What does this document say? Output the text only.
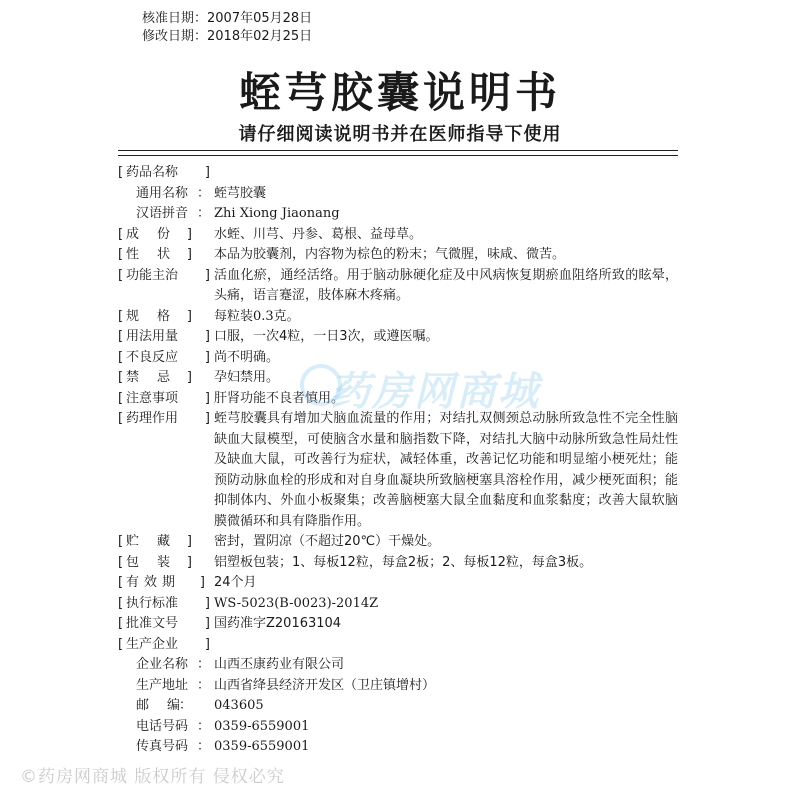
核准日期：2007年05月28日
修改日期：2018年02月25日
蛭芎胶囊说明书
请仔细阅读说明书并在医师指导下使用
[ 药品名称 ]
通用名称 ：	蛭芎胶囊
汉语拼音 ：	Zhi Xiong Jiaonang
[ 成份 ]	水蛭、川芎、丹参、葛根、益母草。
[ 性状 ]	本品为胶囊剂，内容物为棕色的粉末；气微腥，味咸、微苦。
[ 功能主治 ]	活血化瘀，通经活络。用于脑动脉硬化症及中风病恢复期瘀血阻络所致的眩晕，头痛，语言蹇涩，肢体麻木疼痛。
[ 规格 ]	每粒装0.3克。
[ 用法用量 ]	口服，一次4粒，一日3次，或遵医嘱。
[ 不良反应 ]	尚不明确。
[ 禁忌 ]	孕妇禁用。
[ 注意事项 ]	肝肾功能不良者慎用。
[ 药理作用 ]	蛭芎胶囊具有增加犬脑血流量的作用；对结扎双侧颈总动脉所致急性不完全性脑缺血大鼠模型，可使脑含水量和脑指数下降，对结扎大脑中动脉所致急性局灶性及缺血大鼠，可改善行为症状，减轻体重，改善记忆功能和明显缩小梗死灶；能预防动脉血栓的形成和对自身血凝块所致脑梗塞具溶栓作用，减少梗死面积；能抑制体内、外血小板聚集；改善脑梗塞大鼠全血黏度和血浆黏度；改善大鼠软脑膜微循环和具有降脂作用。
[ 贮藏 ]	密封，置阴凉（不超过20℃）干燥处。
[ 包装 ]	铝塑板包装；1、每板12粒，每盒2板；2、每板12粒，每盒3板。
[ 有效期 ]	24个月
[ 执行标准 ]	WS-5023(B-0023)-2014Z
[ 批准文号 ]	国药准字Z20163104
[ 生产企业 ]
企业名称 ：	山西丕康药业有限公司
生产地址 ：	山西省绛县经济开发区（卫庄镇增村）
邮编 ：	043605
电话号码 ：	0359-6559001
传真号码 ：	0359-6559001
药房网商城
©药房网商城 版权所有 侵权必究
